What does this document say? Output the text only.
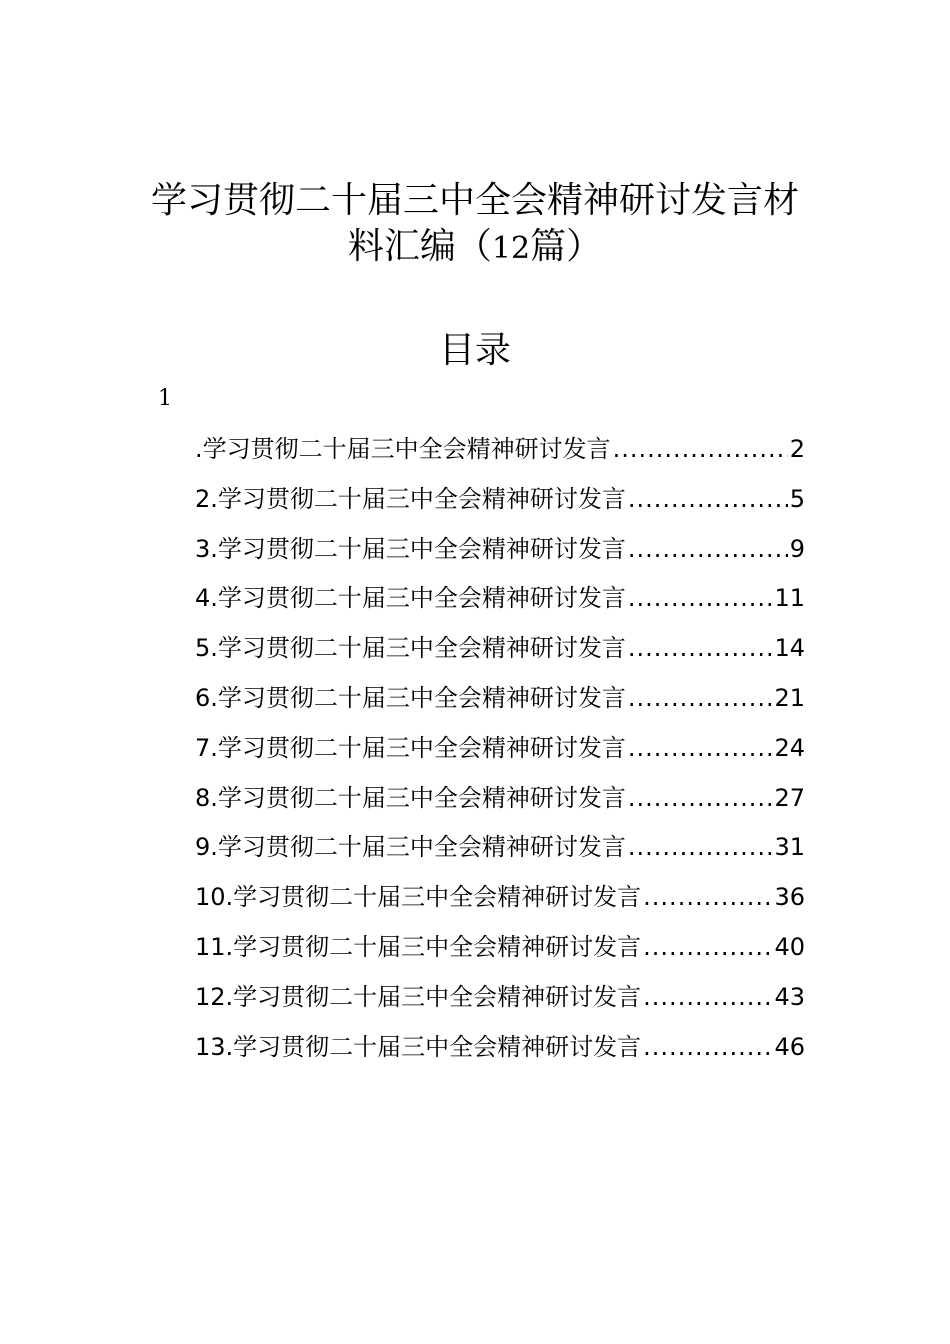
学习贯彻二十届三中全会精神研讨发言材
料汇编（12篇）
目录
1
.学习贯彻二十届三中全会精神研讨发言 .....	2
2.学习贯彻二十届三中全会精神研讨发言 .....	5
3.学习贯彻二十届三中全会精神研讨发言 .....	9
4.学习贯彻二十届三中全会精神研讨发言 .....	11
5.学习贯彻二十届三中全会精神研讨发言 .....	14
6.学习贯彻二十届三中全会精神研讨发言 .....	21
7.学习贯彻二十届三中全会精神研讨发言 .....	24
8.学习贯彻二十届三中全会精神研讨发言 .....	27
9.学习贯彻二十届三中全会精神研讨发言 .....	31
10.学习贯彻二十届三中全会精神研讨发言 .....	36
11.学习贯彻二十届三中全会精神研讨发言 .....	40
12.学习贯彻二十届三中全会精神研讨发言 .....	43
13.学习贯彻二十届三中全会精神研讨发言 .....	46
